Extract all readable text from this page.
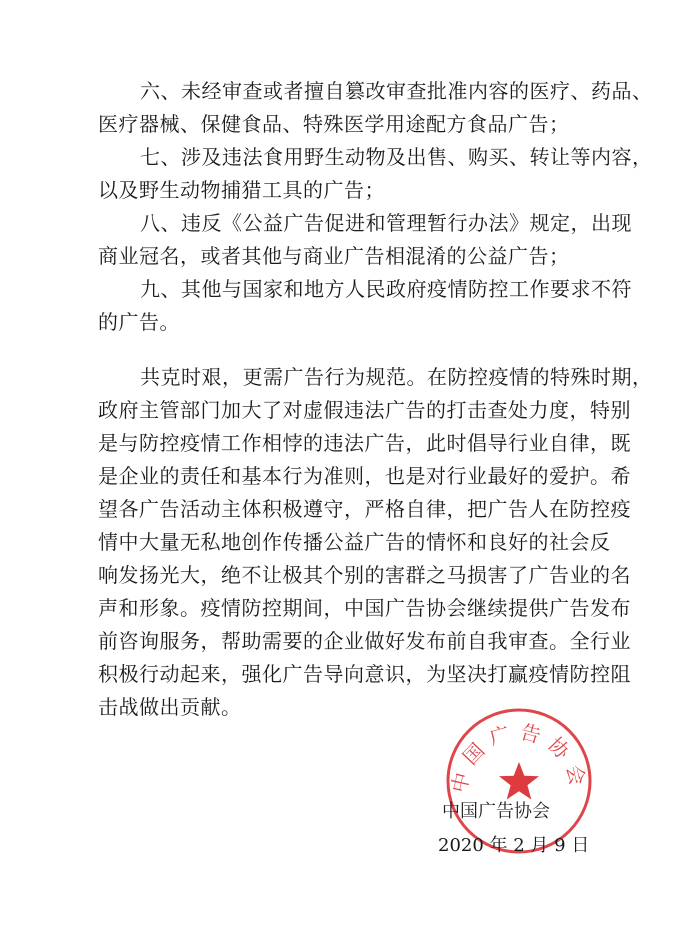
六、未经审查或者擅自篡改审查批准内容的医疗、药品、
医疗器械、保健食品、特殊医学用途配方食品广告；
七、涉及违法食用野生动物及出售、购买、转让等内容，
以及野生动物捕猎工具的广告；
八、违反《公益广告促进和管理暂行办法》规定，出现
商业冠名，或者其他与商业广告相混淆的公益广告；
九、其他与国家和地方人民政府疫情防控工作要求不符
的广告。
共克时艰，更需广告行为规范。在防控疫情的特殊时期，
政府主管部门加大了对虚假违法广告的打击查处力度，特别
是与防控疫情工作相悖的违法广告，此时倡导行业自律，既
是企业的责任和基本行为准则，也是对行业最好的爱护。希
望各广告活动主体积极遵守，严格自律，把广告人在防控疫
情中大量无私地创作传播公益广告的情怀和良好的社会反
响发扬光大，绝不让极其个别的害群之马损害了广告业的名
声和形象。疫情防控期间，中国广告协会继续提供广告发布
前咨询服务，帮助需要的企业做好发布前自我审查。全行业
积极行动起来，强化广告导向意识，为坚决打赢疫情防控阻
击战做出贡献。
中国广告协会
中国广告协会
2020 年 2 月 9 日
